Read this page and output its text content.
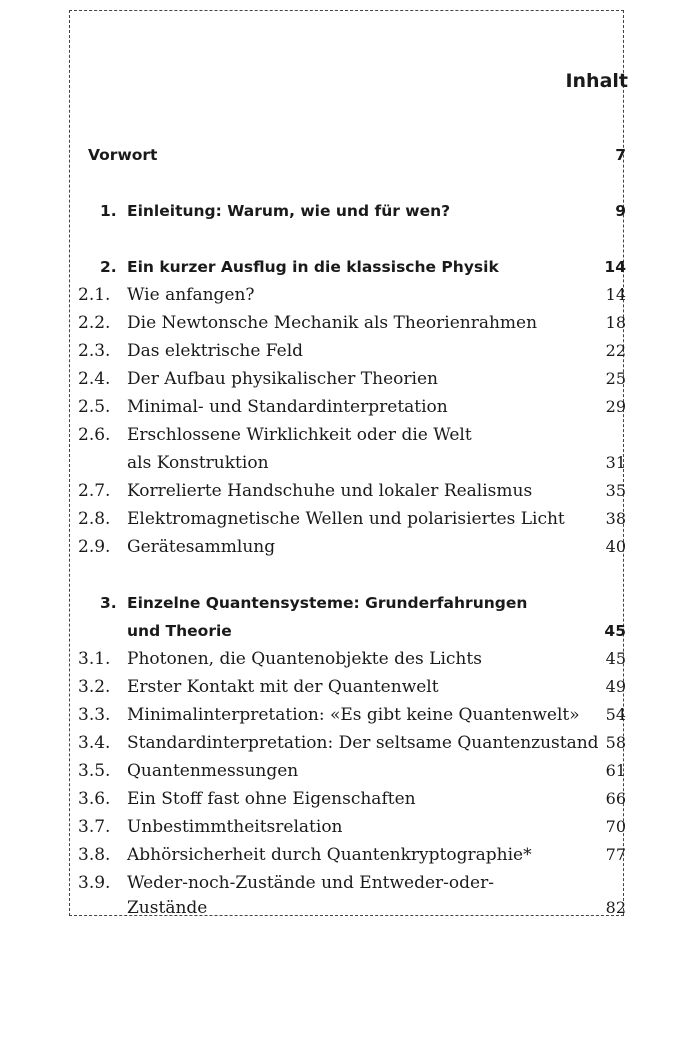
Inhalt
Vorwort	7
1. Einleitung: Warum, wie und für wen?	9
2. Ein kurzer Ausflug in die klassische Physik	14
2.1. Wie anfangen?	14
2.2. Die Newtonsche Mechanik als Theorienrahmen	18
2.3. Das elektrische Feld	22
2.4. Der Aufbau physikalischer Theorien	25
2.5. Minimal- und Standardinterpretation	29
2.6. Erschlossene Wirklichkeit oder die Welt
als Konstruktion	31
2.7. Korrelierte Handschuhe und lokaler Realismus	35
2.8. Elektromagnetische Wellen und polarisiertes Licht	38
2.9. Gerätesammlung	40
3. Einzelne Quantensysteme: Grunderfahrungen
und Theorie	45
3.1. Photonen, die Quantenobjekte des Lichts	45
3.2. Erster Kontakt mit der Quantenwelt	49
3.3. Minimalinterpretation: «Es gibt keine Quantenwelt» 54
3.4. Standardinterpretation: Der seltsame Quantenzustand 58
3.5. Quantenmessungen	61
3.6. Ein Stoff fast ohne Eigenschaften	66
3.7. Unbestimmtheitsrelation	70
3.8. Abhörsicherheit durch Quantenkryptographie*	77
3.9. Weder-noch-Zustände und Entweder-oder-
Zustände	82
